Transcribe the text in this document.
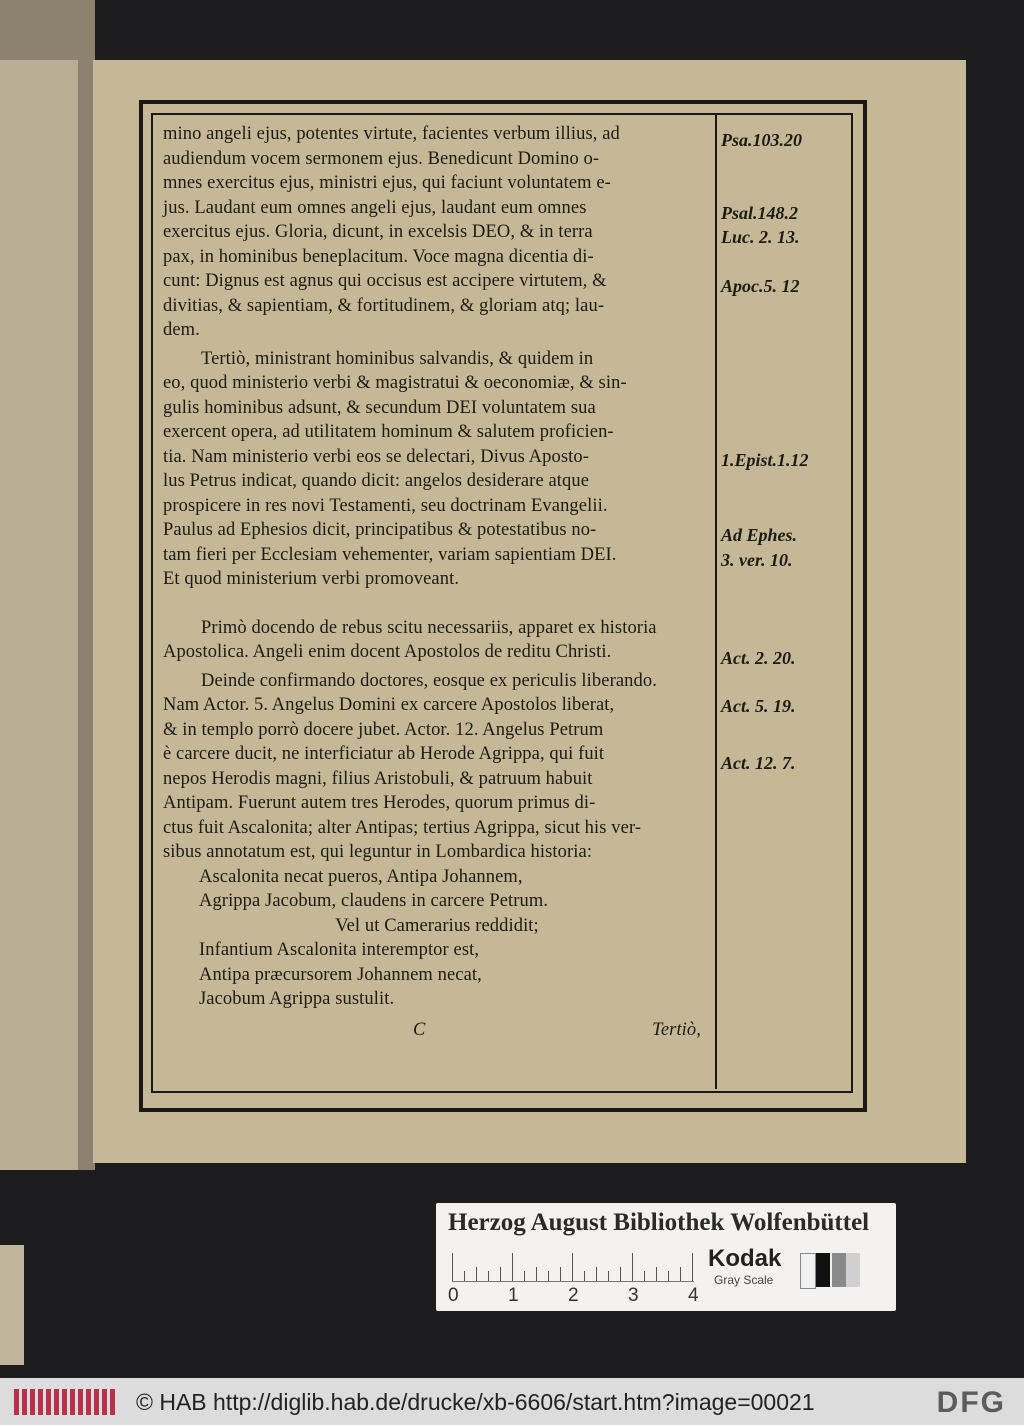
mino angeli ejus, potentes virtute, facientes verbum illius, ad

audiendum vocem sermonem ejus. Benedicunt Domino o-

mnes exercitus ejus, ministri ejus, qui faciunt voluntatem e-

jus. Laudant eum omnes angeli ejus, laudant eum omnes

exercitus ejus. Gloria, dicunt, in excelsis DEO, & in terra

pax, in hominibus beneplacitum. Voce magna dicentia di-

cunt: Dignus est agnus qui occisus est accipere virtutem, &

divitias, & sapientiam, & fortitudinem, & gloriam atq; lau-

dem.

Tertiò, ministrant hominibus salvandis, & quidem in

eo, quod ministerio verbi & magistratui & oeconomiæ, & sin-

gulis hominibus adsunt, & secundum DEI voluntatem sua

exercent opera, ad utilitatem hominum & salutem proficien-

tia. Nam ministerio verbi eos se delectari, Divus Aposto-

lus Petrus indicat, quando dicit: angelos desiderare atque

prospicere in res novi Testamenti, seu doctrinam Evangelii.

Paulus ad Ephesios dicit, principatibus & potestatibus no-

tam fieri per Ecclesiam vehementer, variam sapientiam DEI.

Et quod ministerium verbi promoveant.

Primò docendo de rebus scitu necessariis, apparet ex historia

Apostolica. Angeli enim docent Apostolos de reditu Christi.

Deinde confirmando doctores, eosque ex periculis liberando.

Nam Actor. 5. Angelus Domini ex carcere Apostolos liberat,

& in templo porrò docere jubet. Actor. 12. Angelus Petrum

è carcere ducit, ne interficiatur ab Herode Agrippa, qui fuit

nepos Herodis magni, filius Aristobuli, & patruum habuit

Antipam. Fuerunt autem tres Herodes, quorum primus di-

ctus fuit Ascalonita; alter Antipas; tertius Agrippa, sicut his ver-

sibus annotatum est, qui leguntur in Lombardica historia:

Ascalonita necat pueros, Antipa Johannem,

Agrippa Jacobum, claudens in carcere Petrum.

Vel ut Camerarius reddidit;

Infantium Ascalonita interemptor est,

Antipa præcursorem Johannem necat,

Jacobum Agrippa sustulit.

C	Tertiò,
Psa.103.20
Psal.148.2
Luc. 2. 13.
Apoc.5. 12
1.Epist.1.12
Ad Ephes.
3. ver. 10.
Act. 2. 20.
Act. 5. 19.
Act. 12. 7.
Herzog August Bibliothek Wolfenbüttel
0	1	2	3	4
Kodak
Gray Scale
© HAB http://diglib.hab.de/drucke/xb-6606/start.htm?image=00021	DFG
